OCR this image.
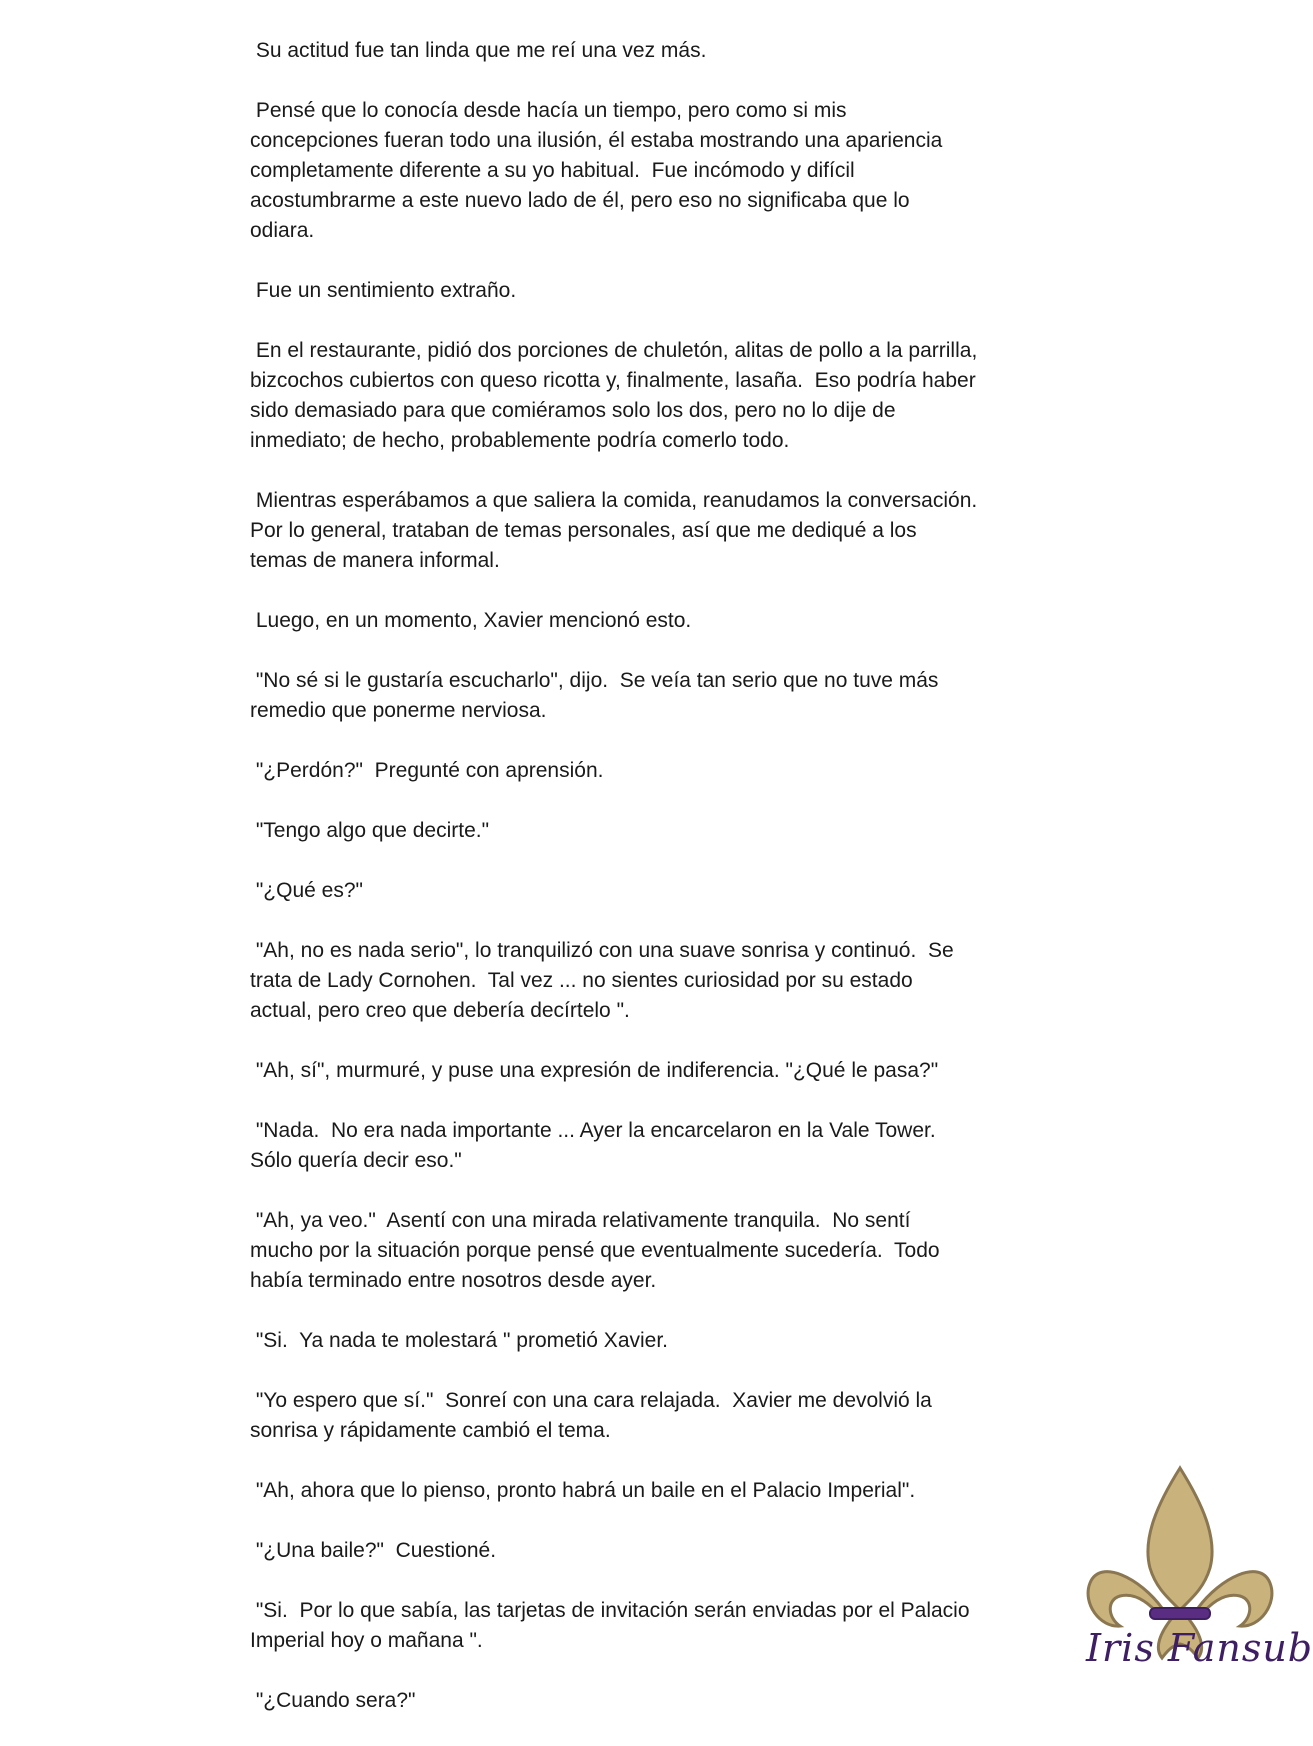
Su actitud fue tan linda que me reí una vez más.
Pensé que lo conocía desde hacía un tiempo, pero como si mis
concepciones fueran todo una ilusión, él estaba mostrando una apariencia
completamente diferente a su yo habitual.  Fue incómodo y difícil
acostumbrarme a este nuevo lado de él, pero eso no significaba que lo
odiara.
Fue un sentimiento extraño.
En el restaurante, pidió dos porciones de chuletón, alitas de pollo a la parrilla,
bizcochos cubiertos con queso ricotta y, finalmente, lasaña.  Eso podría haber
sido demasiado para que comiéramos solo los dos, pero no lo dije de
inmediato; de hecho, probablemente podría comerlo todo.
Mientras esperábamos a que saliera la comida, reanudamos la conversación.
Por lo general, trataban de temas personales, así que me dediqué a los
temas de manera informal.
Luego, en un momento, Xavier mencionó esto.
"No sé si le gustaría escucharlo", dijo.  Se veía tan serio que no tuve más
remedio que ponerme nerviosa.
"¿Perdón?"  Pregunté con aprensión.
"Tengo algo que decirte."
"¿Qué es?"
"Ah, no es nada serio", lo tranquilizó con una suave sonrisa y continuó.  Se
trata de Lady Cornohen.  Tal vez ... no sientes curiosidad por su estado
actual, pero creo que debería decírtelo ".
"Ah, sí", murmuré, y puse una expresión de indiferencia. "¿Qué le pasa?"
"Nada.  No era nada importante ... Ayer la encarcelaron en la Vale Tower.
Sólo quería decir eso."
"Ah, ya veo."  Asentí con una mirada relativamente tranquila.  No sentí
mucho por la situación porque pensé que eventualmente sucedería.  Todo
había terminado entre nosotros desde ayer.
"Si.  Ya nada te molestará " prometió Xavier.
"Yo espero que sí."  Sonreí con una cara relajada.  Xavier me devolvió la
sonrisa y rápidamente cambió el tema.
"Ah, ahora que lo pienso, pronto habrá un baile en el Palacio Imperial".
"¿Una baile?"  Cuestioné.
"Si.  Por lo que sabía, las tarjetas de invitación serán enviadas por el Palacio
Imperial hoy o mañana ".
"¿Cuando sera?"
Iris Fansub
